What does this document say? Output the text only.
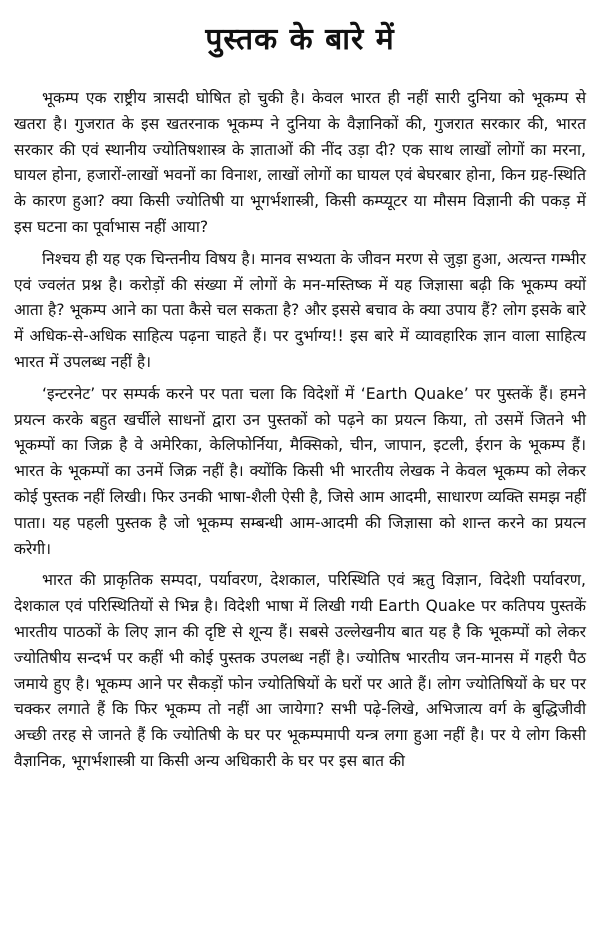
पुस्तक के बारे में

भूकम्प एक राष्ट्रीय त्रासदी घोषित हो चुकी है। केवल भारत ही नहीं सारी दुनिया को भूकम्प से खतरा है। गुजरात के इस खतरनाक भूकम्प ने दुनिया के वैज्ञानिकों की, गुजरात सरकार की, भारत सरकार की एवं स्थानीय ज्योतिषशास्त्र के ज्ञाताओं की नींद उड़ा दी? एक साथ लाखों लोगों का मरना, घायल होना, हजारों-लाखों भवनों का विनाश, लाखों लोगों का घायल एवं बेघरबार होना, किन ग्रह-स्थिति के कारण हुआ? क्या किसी ज्योतिषी या भूगर्भशास्त्री, किसी कम्प्यूटर या मौसम विज्ञानी की पकड़ में इस घटना का पूर्वाभास नहीं आया?

निश्चय ही यह एक चिन्तनीय विषय है। मानव सभ्यता के जीवन मरण से जुड़ा हुआ, अत्यन्त गम्भीर एवं ज्वलंत प्रश्न है। करोड़ों की संख्या में लोगों के मन-मस्तिष्क में यह जिज्ञासा बढ़ी कि भूकम्प क्यों आता है? भूकम्प आने का पता कैसे चल सकता है? और इससे बचाव के क्या उपाय हैं? लोग इसके बारे में अधिक-से-अधिक साहित्य पढ़ना चाहते हैं। पर दुर्भाग्य!! इस बारे में व्यावहारिक ज्ञान वाला साहित्य भारत में उपलब्ध नहीं है।

‘इन्टरनेट’ पर सम्पर्क करने पर पता चला कि विदेशों में ‘Earth Quake’ पर पुस्तकें हैं। हमने प्रयत्न करके बहुत खर्चीले साधनों द्वारा उन पुस्तकों को पढ़ने का प्रयत्न किया, तो उसमें जितने भी भूकम्पों का जिक्र है वे अमेरिका, केलिफोर्निया, मैक्सिको, चीन, जापान, इटली, ईरान के भूकम्प हैं। भारत के भूकम्पों का उनमें जिक्र नहीं है। क्योंकि किसी भी भारतीय लेखक ने केवल भूकम्प को लेकर कोई पुस्तक नहीं लिखी। फिर उनकी भाषा-शैली ऐसी है, जिसे आम आदमी, साधारण व्यक्ति समझ नहीं पाता। यह पहली पुस्तक है जो भूकम्प सम्बन्धी आम-आदमी की जिज्ञासा को शान्त करने का प्रयत्न करेगी।

भारत की प्राकृतिक सम्पदा, पर्यावरण, देशकाल, परिस्थिति एवं ऋतु विज्ञान, विदेशी पर्यावरण, देशकाल एवं परिस्थितियों से भिन्न है। विदेशी भाषा में लिखी गयी Earth Quake पर कतिपय पुस्तकें भारतीय पाठकों के लिए ज्ञान की दृष्टि से शून्य हैं। सबसे उल्लेखनीय बात यह है कि भूकम्पों को लेकर ज्योतिषीय सन्दर्भ पर कहीं भी कोई पुस्तक उपलब्ध नहीं है। ज्योतिष भारतीय जन-मानस में गहरी पैठ जमाये हुए है। भूकम्प आने पर सैकड़ों फोन ज्योतिषियों के घरों पर आते हैं। लोग ज्योतिषियों के घर पर चक्कर लगाते हैं कि फिर भूकम्प तो नहीं आ जायेगा? सभी पढ़े-लिखे, अभिजात्य वर्ग के बुद्धिजीवी अच्छी तरह से जानते हैं कि ज्योतिषी के घर पर भूकम्पमापी यन्त्र लगा हुआ नहीं है। पर ये लोग किसी वैज्ञानिक, भूगर्भशास्त्री या किसी अन्य अधिकारी के घर पर इस बात की
